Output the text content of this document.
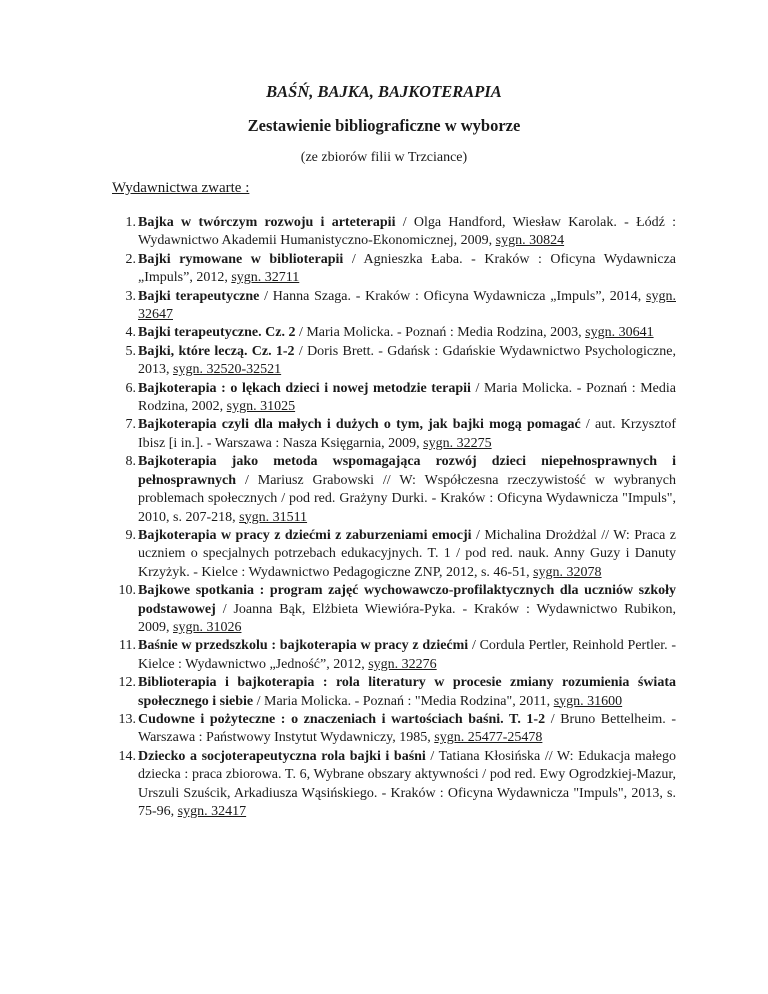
BAŚŃ, BAJKA, BAJKOTERAPIA
Zestawienie bibliograficzne w wyborze

(ze zbiorów filii w Trzciance)

Wydawnictwa zwarte :

1. Bajka w twórczym rozwoju i arteterapii / Olga Handford, Wiesław Karolak. - Łódź : Wydawnictwo Akademii Humanistyczno-Ekonomicznej, 2009, sygn. 30824
2. Bajki rymowane w biblioterapii / Agnieszka Łaba. - Kraków : Oficyna Wydawnicza „Impuls”, 2012, sygn. 32711
3. Bajki terapeutyczne / Hanna Szaga. - Kraków : Oficyna Wydawnicza „Impuls”, 2014, sygn. 32647
4. Bajki terapeutyczne. Cz. 2 / Maria Molicka. - Poznań : Media Rodzina, 2003, sygn. 30641
5. Bajki, które leczą. Cz. 1-2 / Doris Brett. - Gdańsk : Gdańskie Wydawnictwo Psychologiczne, 2013, sygn. 32520-32521
6. Bajkoterapia : o lękach dzieci i nowej metodzie terapii / Maria Molicka. - Poznań : Media Rodzina, 2002, sygn. 31025
7. Bajkoterapia czyli dla małych i dużych o tym, jak bajki mogą pomagać / aut. Krzysztof Ibisz [i in.]. - Warszawa : Nasza Księgarnia, 2009, sygn. 32275
8. Bajkoterapia jako metoda wspomagająca rozwój dzieci niepełnosprawnych i pełnosprawnych / Mariusz Grabowski // W: Współczesna rzeczywistość w wybranych problemach społecznych / pod red. Grażyny Durki. - Kraków : Oficyna Wydawnicza "Impuls", 2010, s. 207-218, sygn. 31511
9. Bajkoterapia w pracy z dziećmi z zaburzeniami emocji / Michalina Drożdżal // W: Praca z uczniem o specjalnych potrzebach edukacyjnych. T. 1 / pod red. nauk. Anny Guzy i Danuty Krzyżyk. - Kielce : Wydawnictwo Pedagogiczne ZNP, 2012, s. 46-51, sygn. 32078
10. Bajkowe spotkania : program zajęć wychowawczo-profilaktycznych dla uczniów szkoły podstawowej / Joanna Bąk, Elżbieta Wiewióra-Pyka. - Kraków : Wydawnictwo Rubikon, 2009, sygn. 31026
11. Baśnie w przedszkolu : bajkoterapia w pracy z dziećmi / Cordula Pertler, Reinhold Pertler. - Kielce : Wydawnictwo „Jedność”, 2012, sygn. 32276
12. Biblioterapia i bajkoterapia : rola literatury w procesie zmiany rozumienia świata społecznego i siebie / Maria Molicka. - Poznań : "Media Rodzina", 2011, sygn. 31600
13. Cudowne i pożyteczne : o znaczeniach i wartościach baśni. T. 1-2 / Bruno Bettelheim. - Warszawa : Państwowy Instytut Wydawniczy, 1985, sygn. 25477-25478
14. Dziecko a socjoterapeutyczna rola bajki i baśni / Tatiana Kłosińska // W: Edukacja małego dziecka : praca zbiorowa. T. 6, Wybrane obszary aktywności / pod red. Ewy Ogrodzkiej-Mazur, Urszuli Szuścik, Arkadiusza Wąsińskiego. - Kraków : Oficyna Wydawnicza "Impuls", 2013, s. 75-96, sygn. 32417
